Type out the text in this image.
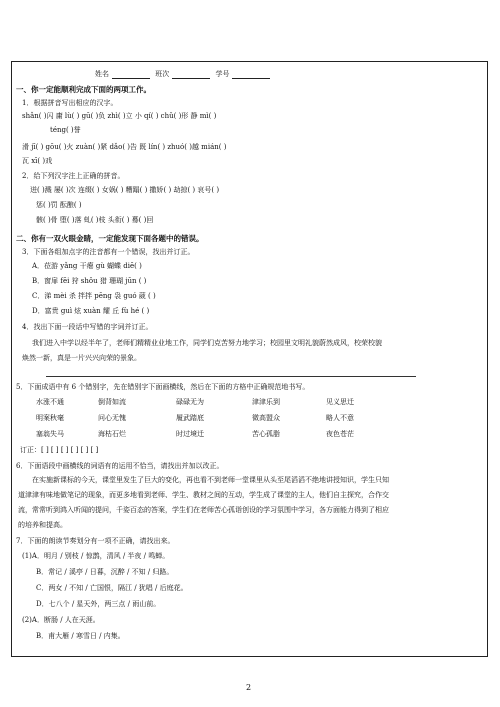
姓名	班次	学号
一、你一定能顺利完成下面的两项工作。
1．根据拼音写出相应的汉字。
shǎn( )闪 庸 lù( ) gū( )负 zhì( )立 小 qí( ) chǔ( )形 静 mì( )
téng( )誉
滑 jī( ) gōu( )火 zuàn( )紧 dǎo( )告 既 lín( ) zhuó( )越 mián( )
瓦 xī( )戏
2．给下列汉字注上正确的拼音。
迸( )溅 屡( )次 连缀( ) 女娲( ) 糟蹋( ) 撒娇( ) 劫掠( ) 哀号( )
惩( )罚 酝酿( )
骸( )骨 堕( )落 虬( )枝 头衔( ) 蓦( )回
二、你有一双火眼金睛，一定能发现下面各题中的错误。
3．下面各组加点字的注音都有一个错误，找出并订正。
A．莅游 yǎng 干瘪 gù 蝴蝶 diē( )
B．窗扉 fēi 狩 shǒu 猎 珊瑚 jūn ( )
C．涕 mèi 杀 拌拌 pēng 袅 guó 葳 ( )
D．富贵 guì 炫 xuàn 耀 丘 fù hé ( )
4．找出下面一段话中写错的字词并订正。
我们进入中学以经半年了，老师们精精业业地工作，同学们克苦努力地学习；校园里文明礼貌蔚然成风，校荣校貌
焕然一新，真是一片兴兴向荣的景象。
5．下面成语中有 6 个错别字，先在错别字下面画横线，然后在下面的方格中正确规范地书写。
水涨不通	倒背如流	碌碌无为	津津乐到	见义思迁
明案秋毫	问心无愧	履武踏底	微高盟众	略人不意
塞翁失马	海枯石烂	时过境迁	苦心孤脂	夜色苍茫
订正：[ ] [ ] [ ] [ ] [ ] [ ]
6．下面语段中画横线的词语有的运用不恰当，请找出并加以改正。
在实施新课标的今天，课堂里发生了巨大的变化，再也看不到老师一堂课里从头至尾滔滔不绝地讲授知识，学生只知
道津津有味地做笔记的现象，而更多地看到老师、学生、教材之间的互动，学生成了课堂的主人，他们自主探究，合作交
流，常常听到鸿入听闻的提问，千姿百态的答案，学生们在老师苦心孤诣创设的学习氛围中学习，各方面能力得到了相应
的培养和提高。
7．下面的朗读节奏划分有一项不正确，请找出来。
(1)A．明月 / 别枝 / 惊鹊，清风 / 半夜 / 鸣蝉。
B．常记 / 溪亭 / 日暮，沉醉 / 不知 / 归路。
C．两女 / 不知 / 亡国恨，隔江 / 犹唱 / 后庭花。
D．七八个 / 星天外，两三点 / 雨山前。
(2)A．断肠 / 人在天涯。
B．甫大雁 / 寒雪日 / 内集。
2
